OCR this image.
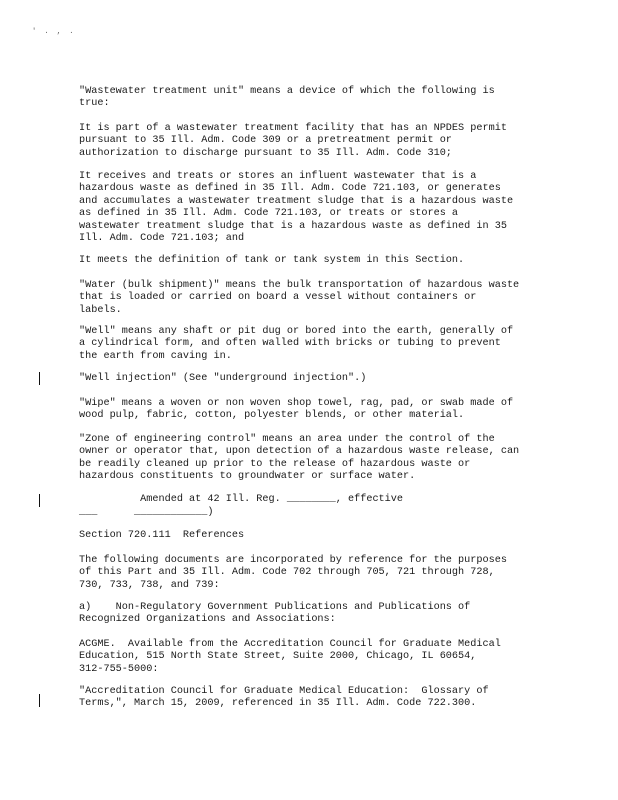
' . , .
"Wastewater treatment unit" means a device of which the following is
true:
It is part of a wastewater treatment facility that has an NPDES permit
pursuant to 35 Ill. Adm. Code 309 or a pretreatment permit or
authorization to discharge pursuant to 35 Ill. Adm. Code 310;
It receives and treats or stores an influent wastewater that is a
hazardous waste as defined in 35 Ill. Adm. Code 721.103, or generates
and accumulates a wastewater treatment sludge that is a hazardous waste
as defined in 35 Ill. Adm. Code 721.103, or treats or stores a
wastewater treatment sludge that is a hazardous waste as defined in 35
Ill. Adm. Code 721.103; and
It meets the definition of tank or tank system in this Section.
"Water (bulk shipment)" means the bulk transportation of hazardous waste
that is loaded or carried on board a vessel without containers or
labels.
"Well" means any shaft or pit dug or bored into the earth, generally of
a cylindrical form, and often walled with bricks or tubing to prevent
the earth from caving in.
"Well injection" (See "underground injection".)
"Wipe" means a woven or non woven shop towel, rag, pad, or swab made of
wood pulp, fabric, cotton, polyester blends, or other material.
"Zone of engineering control" means an area under the control of the
owner or operator that, upon detection of a hazardous waste release, can
be readily cleaned up prior to the release of hazardous waste or
hazardous constituents to groundwater or surface water.
Amended at 42 Ill. Reg. ________, effective
___      ____________)
Section 720.111  References
The following documents are incorporated by reference for the purposes
of this Part and 35 Ill. Adm. Code 702 through 705, 721 through 728,
730, 733, 738, and 739:
a)    Non-Regulatory Government Publications and Publications of
Recognized Organizations and Associations:
ACGME.  Available from the Accreditation Council for Graduate Medical
Education, 515 North State Street, Suite 2000, Chicago, IL 60654,
312-755-5000:
"Accreditation Council for Graduate Medical Education:  Glossary of
Terms,", March 15, 2009, referenced in 35 Ill. Adm. Code 722.300.
